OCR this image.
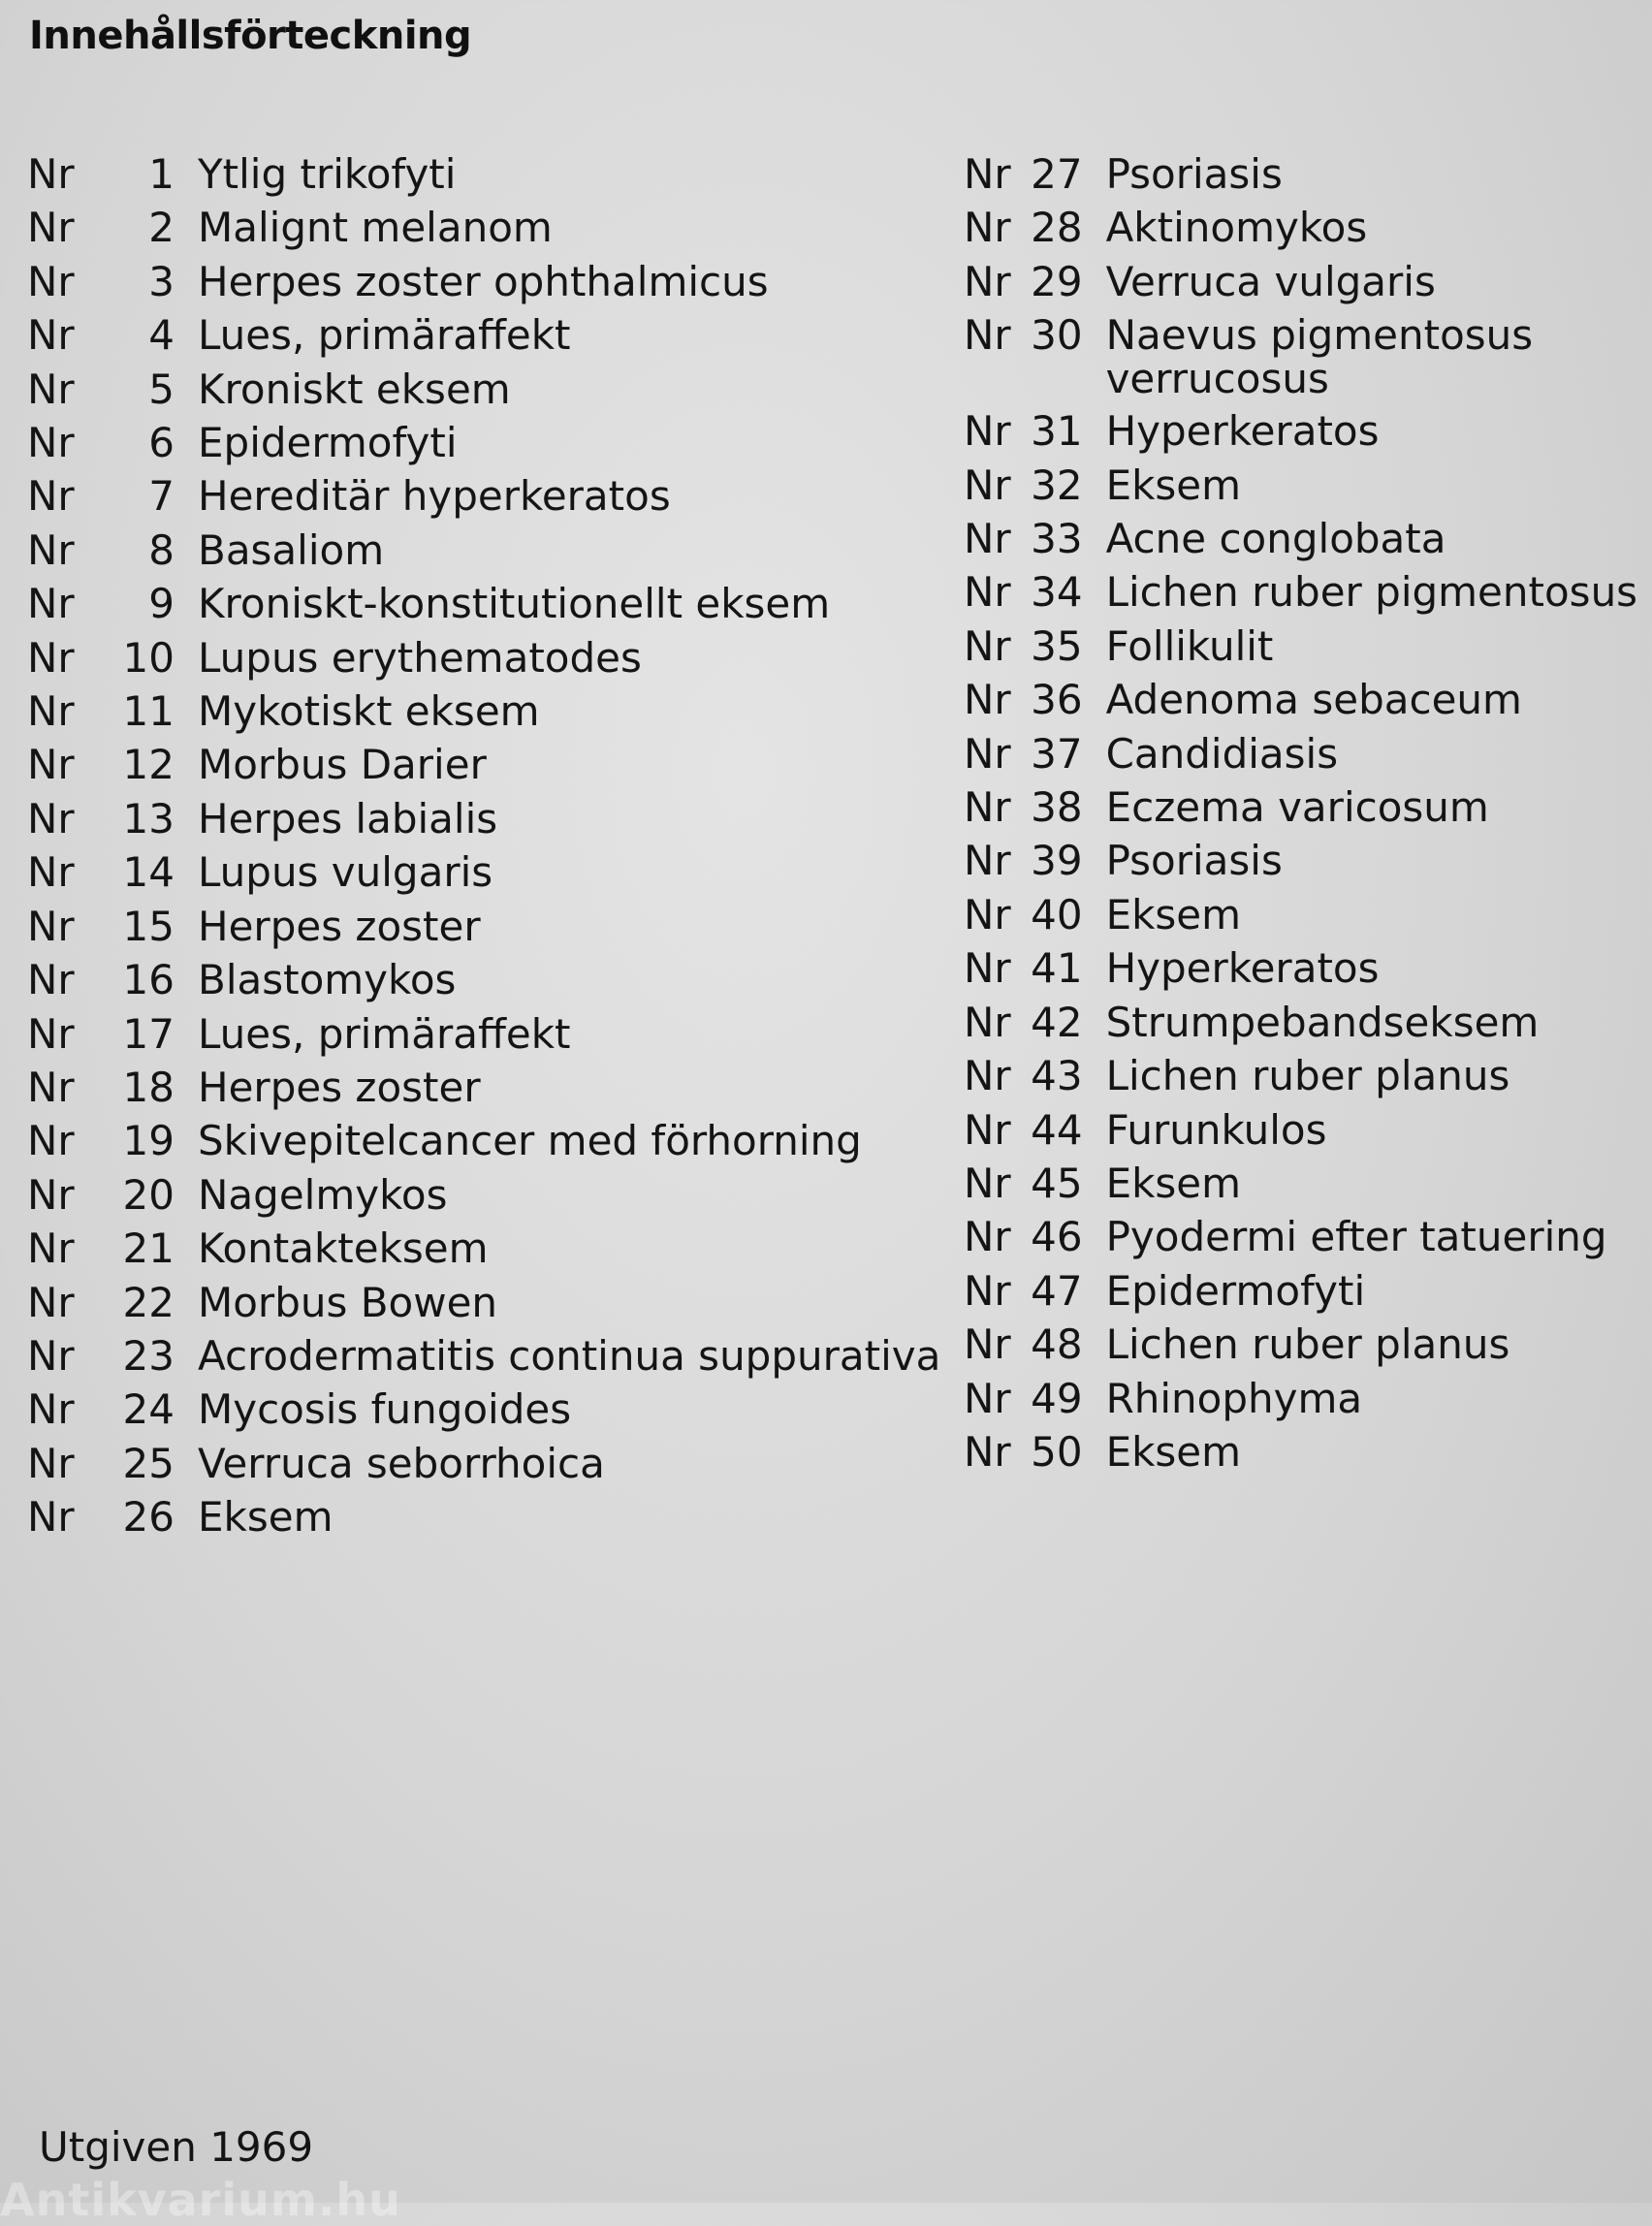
Innehållsförteckning
Nr	1 Ytlig trikofyti
Nr	2 Malignt melanom
Nr	3 Herpes zoster ophthalmicus
Nr	4 Lues, primäraffekt
Nr	5 Kroniskt eksem
Nr	6 Epidermofyti
Nr	7 Hereditär hyperkeratos
Nr	8 Basaliom
Nr	9 Kroniskt-konstitutionellt eksem
Nr	10 Lupus erythematodes
Nr	11 Mykotiskt eksem
Nr	12 Morbus Darier
Nr	13 Herpes labialis
Nr	14 Lupus vulgaris
Nr	15 Herpes zoster
Nr	16 Blastomykos
Nr	17 Lues, primäraffekt
Nr	18 Herpes zoster
Nr	19 Skivepitelcancer med förhorning
Nr	20 Nagelmykos
Nr	21 Kontakteksem
Nr	22 Morbus Bowen
Nr	23 Acrodermatitis continua suppurativa
Nr	24 Mycosis fungoides
Nr	25 Verruca seborrhoica
Nr	26 Eksem
Nr 27 Psoriasis
Nr 28 Aktinomykos
Nr 29 Verruca vulgaris
Nr 30 Naevus pigmentosus verrucosus
Nr 31 Hyperkeratos
Nr 32 Eksem
Nr 33 Acne conglobata
Nr 34 Lichen ruber pigmentosus
Nr 35 Follikulit
Nr 36 Adenoma sebaceum
Nr 37 Candidiasis
Nr 38 Eczema varicosum
Nr 39 Psoriasis
Nr 40 Eksem
Nr 41 Hyperkeratos
Nr 42 Strumpebandseksem
Nr 43 Lichen ruber planus
Nr 44 Furunkulos
Nr 45 Eksem
Nr 46 Pyodermi efter tatuering
Nr 47 Epidermofyti
Nr 48 Lichen ruber planus
Nr 49 Rhinophyma
Nr 50 Eksem
Utgiven 1969
Antikvarium.hu
